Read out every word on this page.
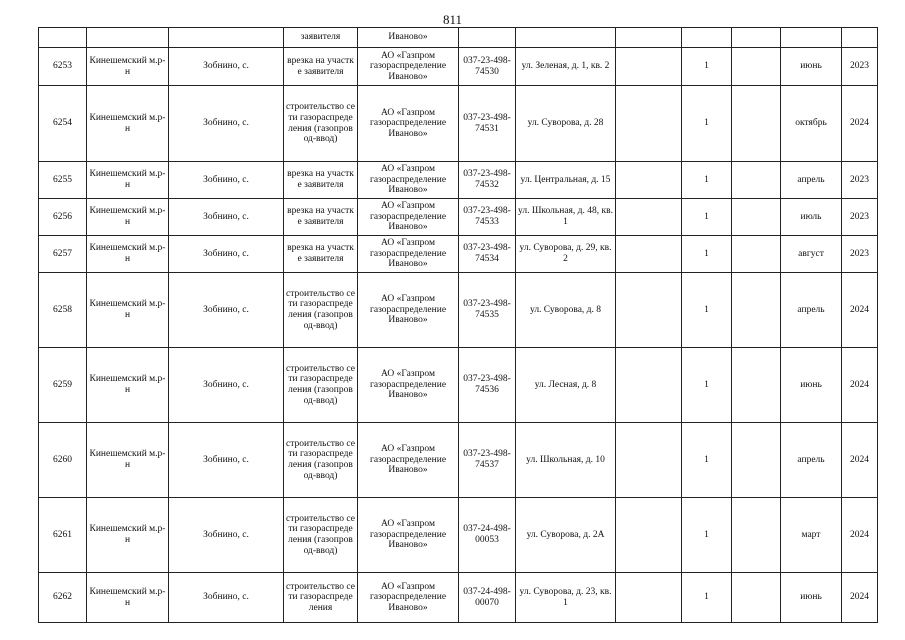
811
			заявителя	Иваново»							
6253	Кинешемский м.р-н	Зобнино, с.	врезка на участке заявителя	АО «Газпром газораспределение Иваново»	037-23-498-74530	ул. Зеленая, д. 1, кв. 2		1		июнь	2023
6254	Кинешемский м.р-н	Зобнино, с.	строительство сети газораспределения (газопровод-ввод)	АО «Газпром газораспределение Иваново»	037-23-498-74531	ул. Суворова, д. 28		1		октябрь	2024
6255	Кинешемский м.р-н	Зобнино, с.	врезка на участке заявителя	АО «Газпром газораспределение Иваново»	037-23-498-74532	ул. Центральная, д. 15		1		апрель	2023
6256	Кинешемский м.р-н	Зобнино, с.	врезка на участке заявителя	АО «Газпром газораспределение Иваново»	037-23-498-74533	ул. Школьная, д. 48, кв. 1		1		июль	2023
6257	Кинешемский м.р-н	Зобнино, с.	врезка на участке заявителя	АО «Газпром газораспределение Иваново»	037-23-498-74534	ул. Суворова, д. 29, кв. 2		1		август	2023
6258	Кинешемский м.р-н	Зобнино, с.	строительство сети газораспределения (газопровод-ввод)	АО «Газпром газораспределение Иваново»	037-23-498-74535	ул. Суворова, д. 8		1		апрель	2024
6259	Кинешемский м.р-н	Зобнино, с.	строительство сети газораспределения (газопровод-ввод)	АО «Газпром газораспределение Иваново»	037-23-498-74536	ул. Лесная, д. 8		1		июнь	2024
6260	Кинешемский м.р-н	Зобнино, с.	строительство сети газораспределения (газопровод-ввод)	АО «Газпром газораспределение Иваново»	037-23-498-74537	ул. Школьная, д. 10		1		апрель	2024
6261	Кинешемский м.р-н	Зобнино, с.	строительство сети газораспределения (газопровод-ввод)	АО «Газпром газораспределение Иваново»	037-24-498-00053	ул. Суворова, д. 2А		1		март	2024
6262	Кинешемский м.р-н	Зобнино, с.	строительство сети газораспределения	АО «Газпром газораспределение Иваново»	037-24-498-00070	ул. Суворова, д. 23, кв. 1		1		июнь	2024
